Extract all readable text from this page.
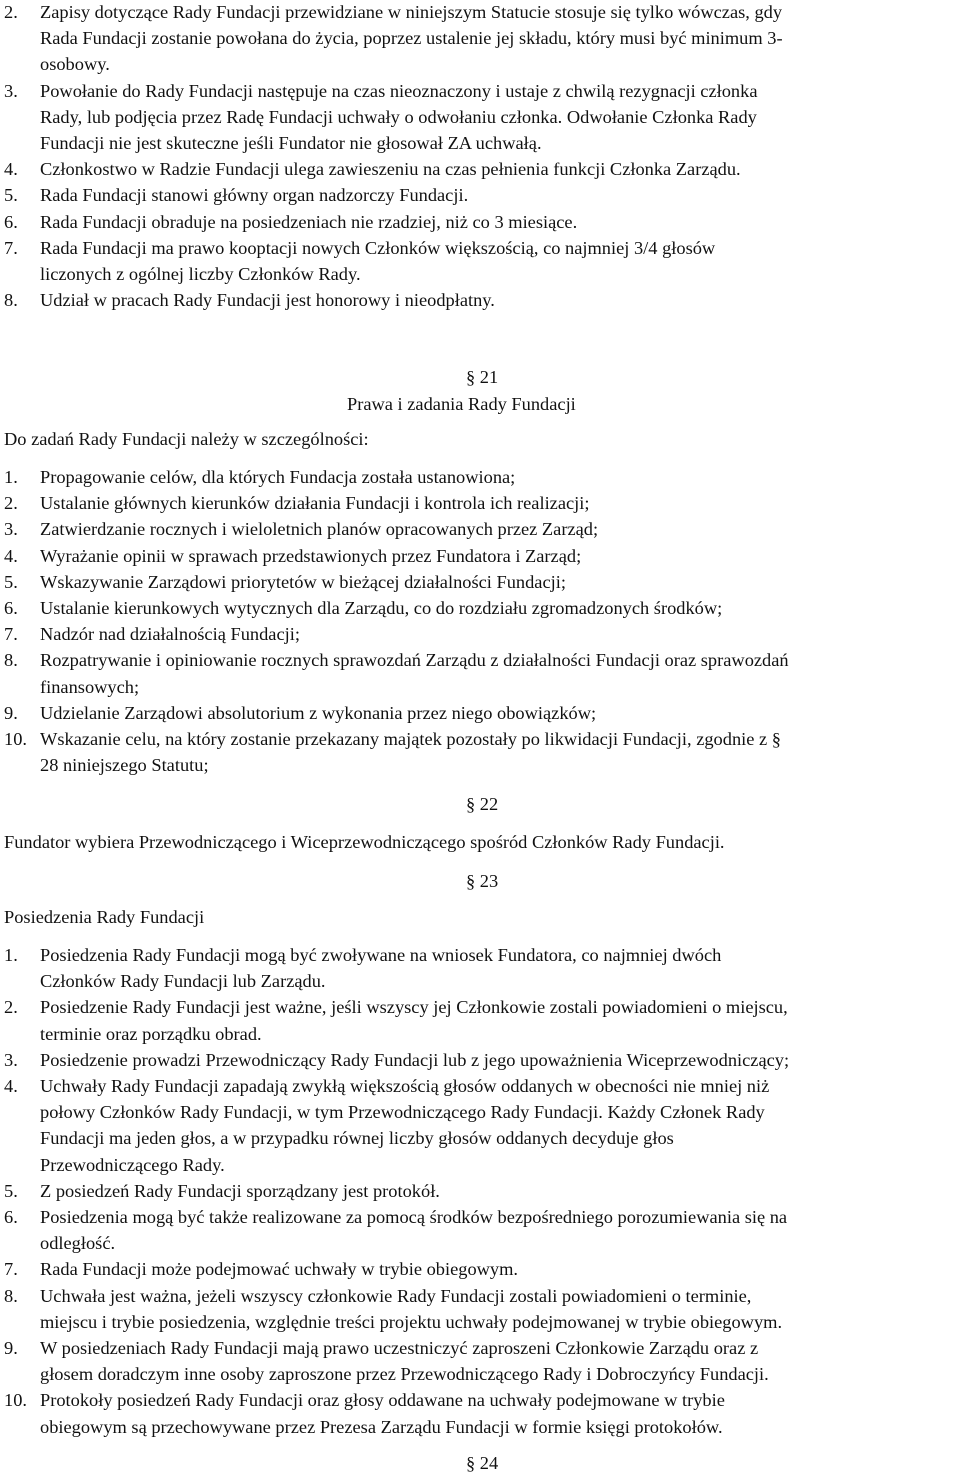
2. Zapisy dotyczące Rady Fundacji przewidziane w niniejszym Statucie stosuje się tylko wówczas, gdy
Rada Fundacji zostanie powołana do życia, poprzez ustalenie jej składu, który musi być minimum 3-
osobowy.
3. Powołanie do Rady Fundacji następuje na czas nieoznaczony i ustaje z chwilą rezygnacji członka
Rady, lub podjęcia przez Radę Fundacji uchwały o odwołaniu członka. Odwołanie Członka Rady
Fundacji nie jest skuteczne jeśli Fundator nie głosował ZA uchwałą.
4. Członkostwo w Radzie Fundacji ulega zawieszeniu na czas pełnienia funkcji Członka Zarządu.
5. Rada Fundacji stanowi główny organ nadzorczy Fundacji.
6. Rada Fundacji obraduje na posiedzeniach nie rzadziej, niż co 3 miesiące.
7. Rada Fundacji ma prawo kooptacji nowych Członków większością, co najmniej 3/4 głosów
liczonych z ogólnej liczby Członków Rady.
8. Udział w pracach Rady Fundacji jest honorowy i nieodpłatny.
§ 21
Prawa i zadania Rady Fundacji
Do zadań Rady Fundacji należy w szczególności:
1. Propagowanie celów, dla których Fundacja została ustanowiona;
2. Ustalanie głównych kierunków działania Fundacji i kontrola ich realizacji;
3. Zatwierdzanie rocznych i wieloletnich planów opracowanych przez Zarząd;
4. Wyrażanie opinii w sprawach przedstawionych przez Fundatora i Zarząd;
5. Wskazywanie Zarządowi priorytetów w bieżącej działalności Fundacji;
6. Ustalanie kierunkowych wytycznych dla Zarządu, co do rozdziału zgromadzonych środków;
7. Nadzór nad działalnością Fundacji;
8. Rozpatrywanie i opiniowanie rocznych sprawozdań Zarządu z działalności Fundacji oraz sprawozdań
finansowych;
9. Udzielanie Zarządowi absolutorium z wykonania przez niego obowiązków;
10. Wskazanie celu, na który zostanie przekazany majątek pozostały po likwidacji Fundacji, zgodnie z §
28 niniejszego Statutu;
§ 22
Fundator wybiera Przewodniczącego i Wiceprzewodniczącego spośród Członków Rady Fundacji.
§ 23
Posiedzenia Rady Fundacji
1. Posiedzenia Rady Fundacji mogą być zwoływane na wniosek Fundatora, co najmniej dwóch
Członków Rady Fundacji lub Zarządu.
2. Posiedzenie Rady Fundacji jest ważne, jeśli wszyscy jej Członkowie zostali powiadomieni o miejscu,
terminie oraz porządku obrad.
3. Posiedzenie prowadzi Przewodniczący Rady Fundacji lub z jego upoważnienia Wiceprzewodniczący;
4. Uchwały Rady Fundacji zapadają zwykłą większością głosów oddanych w obecności nie mniej niż
połowy Członków Rady Fundacji, w tym Przewodniczącego Rady Fundacji. Każdy Członek Rady
Fundacji ma jeden głos, a w przypadku równej liczby głosów oddanych decyduje głos
Przewodniczącego Rady.
5. Z posiedzeń Rady Fundacji sporządzany jest protokół.
6. Posiedzenia mogą być także realizowane za pomocą środków bezpośredniego porozumiewania się na
odległość.
7. Rada Fundacji może podejmować uchwały w trybie obiegowym.
8. Uchwała jest ważna, jeżeli wszyscy członkowie Rady Fundacji zostali powiadomieni o terminie,
miejscu i trybie posiedzenia, względnie treści projektu uchwały podejmowanej w trybie obiegowym.
9. W posiedzeniach Rady Fundacji mają prawo uczestniczyć zaproszeni Członkowie Zarządu oraz z
głosem doradczym inne osoby zaproszone przez Przewodniczącego Rady i Dobroczyńcy Fundacji.
10. Protokoły posiedzeń Rady Fundacji oraz głosy oddawane na uchwały podejmowane w trybie
obiegowym są przechowywane przez Prezesa Zarządu Fundacji w formie księgi protokołów.
§ 24
